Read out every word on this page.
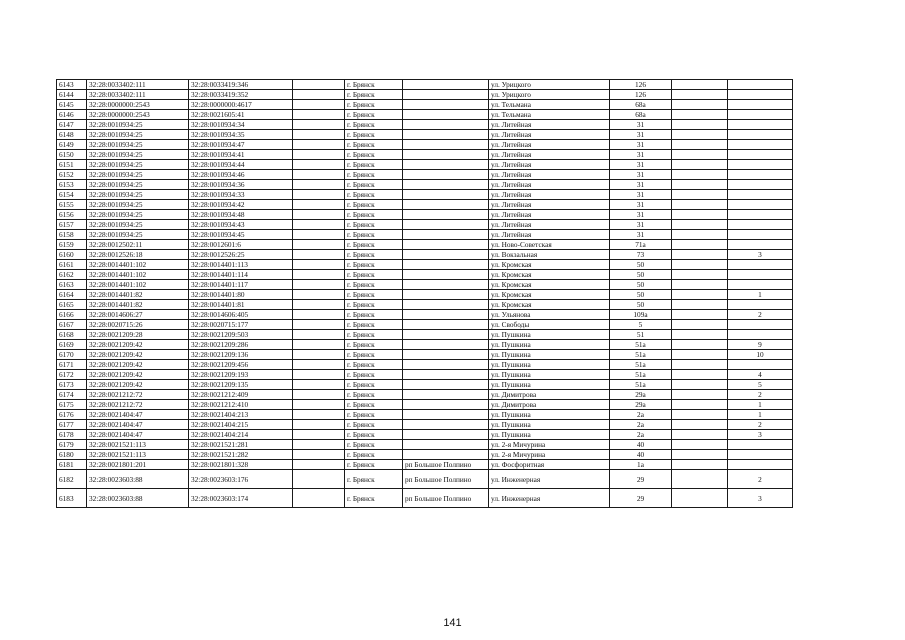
6143	32:28:0033402:111	32:28:0033419:346		г. Брянск		ул. Урицкого	126		
6144	32:28:0033402:111	32:28:0033419:352		г. Брянск		ул. Урицкого	126		
6145	32:28:0000000:2543	32:28:0000000:4617		г. Брянск		ул. Тельмана	68а		
6146	32:28:0000000:2543	32:28:0021605:41		г. Брянск		ул. Тельмана	68а		
6147	32:28:0010934:25	32:28:0010934:34		г. Брянск		ул. Литейная	31		
6148	32:28:0010934:25	32:28:0010934:35		г. Брянск		ул. Литейная	31		
6149	32:28:0010934:25	32:28:0010934:47		г. Брянск		ул. Литейная	31		
6150	32:28:0010934:25	32:28:0010934:41		г. Брянск		ул. Литейная	31		
6151	32:28:0010934:25	32:28:0010934:44		г. Брянск		ул. Литейная	31		
6152	32:28:0010934:25	32:28:0010934:46		г. Брянск		ул. Литейная	31		
6153	32:28:0010934:25	32:28:0010934:36		г. Брянск		ул. Литейная	31		
6154	32:28:0010934:25	32:28:0010934:33		г. Брянск		ул. Литейная	31		
6155	32:28:0010934:25	32:28:0010934:42		г. Брянск		ул. Литейная	31		
6156	32:28:0010934:25	32:28:0010934:48		г. Брянск		ул. Литейная	31		
6157	32:28:0010934:25	32:28:0010934:43		г. Брянск		ул. Литейная	31		
6158	32:28:0010934:25	32:28:0010934:45		г. Брянск		ул. Литейная	31		
6159	32:28:0012502:11	32:28:0012601:6		г. Брянск		ул. Ново-Советская	71а		
6160	32:28:0012526:18	32:28:0012526:25		г. Брянск		ул. Вокзальная	73		3
6161	32:28:0014401:102	32:28:0014401:113		г. Брянск		ул. Кромская	50		
6162	32:28:0014401:102	32:28:0014401:114		г. Брянск		ул. Кромская	50		
6163	32:28:0014401:102	32:28:0014401:117		г. Брянск		ул. Кромская	50		
6164	32:28:0014401:82	32:28:0014401:80		г. Брянск		ул. Кромская	50		1
6165	32:28:0014401:82	32:28:0014401:81		г. Брянск		ул. Кромская	50		
6166	32:28:0014606:27	32:28:0014606:405		г. Брянск		ул. Ульянова	109а		2
6167	32:28:0020715:26	32:28:0020715:177		г. Брянск		ул. Свободы	5		
6168	32:28:0021209:28	32:28:0021209:503		г. Брянск		ул. Пушкина	51		
6169	32:28:0021209:42	32:28:0021209:286		г. Брянск		ул. Пушкина	51а		9
6170	32:28:0021209:42	32:28:0021209:136		г. Брянск		ул. Пушкина	51а		10
6171	32:28:0021209:42	32:28:0021209:456		г. Брянск		ул. Пушкина	51а		
6172	32:28:0021209:42	32:28:0021209:193		г. Брянск		ул. Пушкина	51а		4
6173	32:28:0021209:42	32:28:0021209:135		г. Брянск		ул. Пушкина	51а		5
6174	32:28:0021212:72	32:28:0021212:409		г. Брянск		ул. Димитрова	29а		2
6175	32:28:0021212:72	32:28:0021212:410		г. Брянск		ул. Димитрова	29а		1
6176	32:28:0021404:47	32:28:0021404:213		г. Брянск		ул. Пушкина	2а		1
6177	32:28:0021404:47	32:28:0021404:215		г. Брянск		ул. Пушкина	2а		2
6178	32:28:0021404:47	32:28:0021404:214		г. Брянск		ул. Пушкина	2а		3
6179	32:28:0021521:113	32:28:0021521:281		г. Брянск		ул. 2-я Мичурина	40		
6180	32:28:0021521:113	32:28:0021521:282		г. Брянск		ул. 2-я Мичурина	40		
6181	32:28:0021801:201	32:28:0021801:328		г. Брянск	рп Большое Полпино	ул. Фосфоритная	1а		
6182	32:28:0023603:88	32:28:0023603:176		г. Брянск	рп Большое Полпино	ул. Инженерная	29		2
6183	32:28:0023603:88	32:28:0023603:174		г. Брянск	рп Большое Полпино	ул. Инженерная	29		3
141
